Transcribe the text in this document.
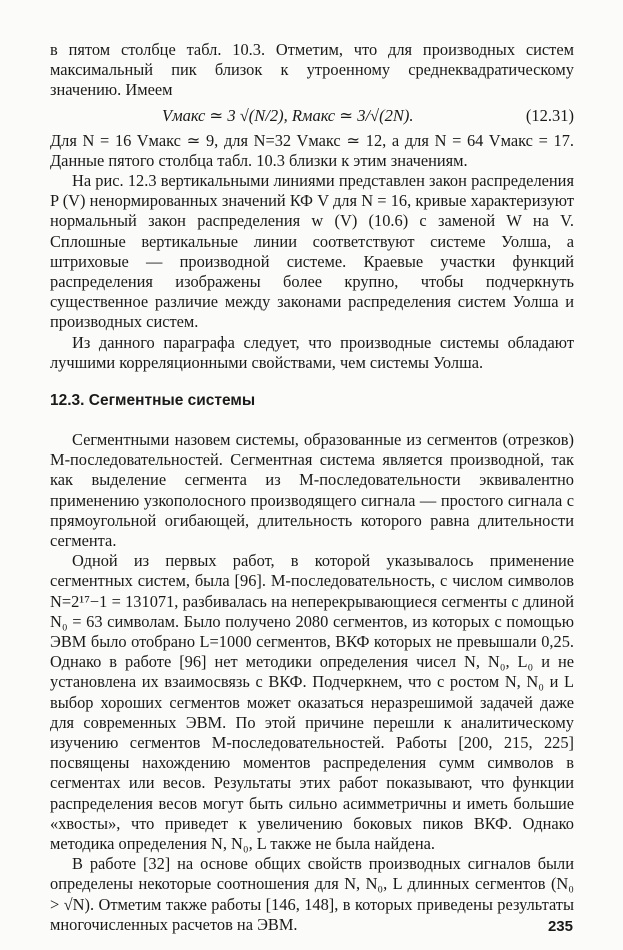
в пятом столбце табл. 10.3. Отметим, что для производных систем максимальный пик близок к утроенному среднеквадратическому значению. Имеем

Vмакс ≃ 3 √(N/2), Rмакс ≃ 3/√(2N).	(12.31)

Для N = 16 Vмакс ≃ 9, для N=32 Vмакс ≃ 12, а для N = 64 Vмакс = 17. Данные пятого столбца табл. 10.3 близки к этим значениям.

На рис. 12.3 вертикальными линиями представлен закон распределения P (V) ненормированных значений КФ V для N = 16, кривые характеризуют нормальный закон распределения w (V) (10.6) с заменой W на V. Сплошные вертикальные линии соответствуют системе Уолша, а штриховые — производной системе. Краевые участки функций распределения изображены более крупно, чтобы подчеркнуть существенное различие между законами распределения систем Уолша и производных систем.

Из данного параграфа следует, что производные системы обладают лучшими корреляционными свойствами, чем системы Уолша.

12.3. Сегментные системы

Сегментными назовем системы, образованные из сегментов (отрезков) M-последовательностей. Сегментная система является производной, так как выделение сегмента из M-последовательности эквивалентно применению узкополосного производящего сигнала — простого сигнала с прямоугольной огибающей, длительность которого равна длительности сегмента.

Одной из первых работ, в которой указывалось применение сегментных систем, была [96]. M-последовательность, с числом символов N=2¹⁷−1 = 131071, разбивалась на неперекрывающиеся сегменты с длиной N₀ = 63 символам. Было получено 2080 сегментов, из которых с помощью ЭВМ было отобрано L=1000 сегментов, ВКФ которых не превышали 0,25. Однако в работе [96] нет методики определения чисел N, N₀, L₀ и не установлена их взаимосвязь с ВКФ. Подчеркнем, что с ростом N, N₀ и L выбор хороших сегментов может оказаться неразрешимой задачей даже для современных ЭВМ. По этой причине перешли к аналитическому изучению сегментов M-последовательностей. Работы [200, 215, 225] посвящены нахождению моментов распределения сумм символов в сегментах или весов. Результаты этих работ показывают, что функции распределения весов могут быть сильно асимметричны и иметь большие «хвосты», что приведет к увеличению боковых пиков ВКФ. Однако методика определения N, N₀, L также не была найдена.

В работе [32] на основе общих свойств производных сигналов были определены некоторые соотношения для N, N₀, L длинных сегментов (N₀ > √N). Отметим также работы [146, 148], в которых приведены результаты многочисленных расчетов на ЭВМ.	235
